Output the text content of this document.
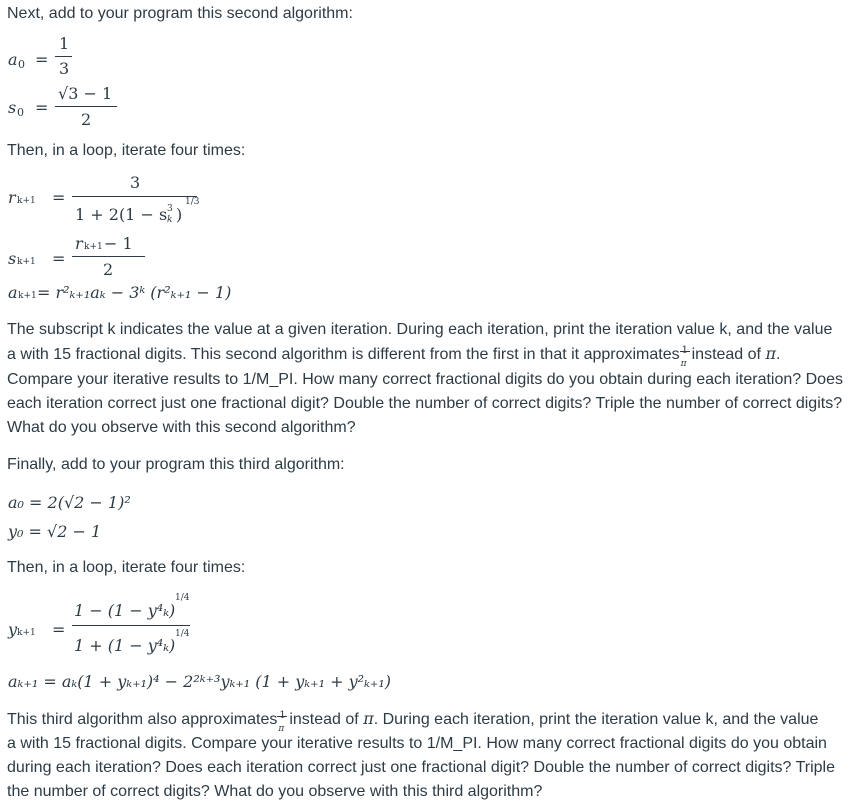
Next, add to your program this second algorithm:
a 0 =
1
3
s 0 =
√3 − 1
2
Then, in a loop, iterate four times:
r k+1 =
3
1 + 2(1 − s 3
k )
1/3
s k+1 =
r k+1 − 1
2
a k+1 = r²ₖ₊₁aₖ − 3ᵏ (r²ₖ₊₁ − 1)
The subscript k indicates the value at a given iteration. During each iteration, print the iteration value k, and the value
a with 15 fractional digits. This second algorithm is different from the first in that it approximates
π
instead of π.
Compare your iterative results to 1/M_PI. How many correct fractional digits do you obtain during each iteration? Does
each iteration correct just one fractional digit? Double the number of correct digits? Triple the number of correct digits?
What do you observe with this second algorithm?
Finally, add to your program this third algorithm:
a₀ = 2(√2 − 1)²
y₀ = √2 − 1
Then, in a loop, iterate four times:
y k+1 =
1 − (1 − y⁴ₖ)
1/4
1 + (1 − y⁴ₖ)
1/4
aₖ₊₁ = aₖ(1 + yₖ₊₁)⁴ − 2²ᵏ⁺³yₖ₊₁ (1 + yₖ₊₁ + y²ₖ₊₁)
This third algorithm also approximates
π
instead of π. During each iteration, print the iteration value k, and the value
a with 15 fractional digits. Compare your iterative results to 1/M_PI. How many correct fractional digits do you obtain
during each iteration? Does each iteration correct just one fractional digit? Double the number of correct digits? Triple
the number of correct digits? What do you observe with this third algorithm?
